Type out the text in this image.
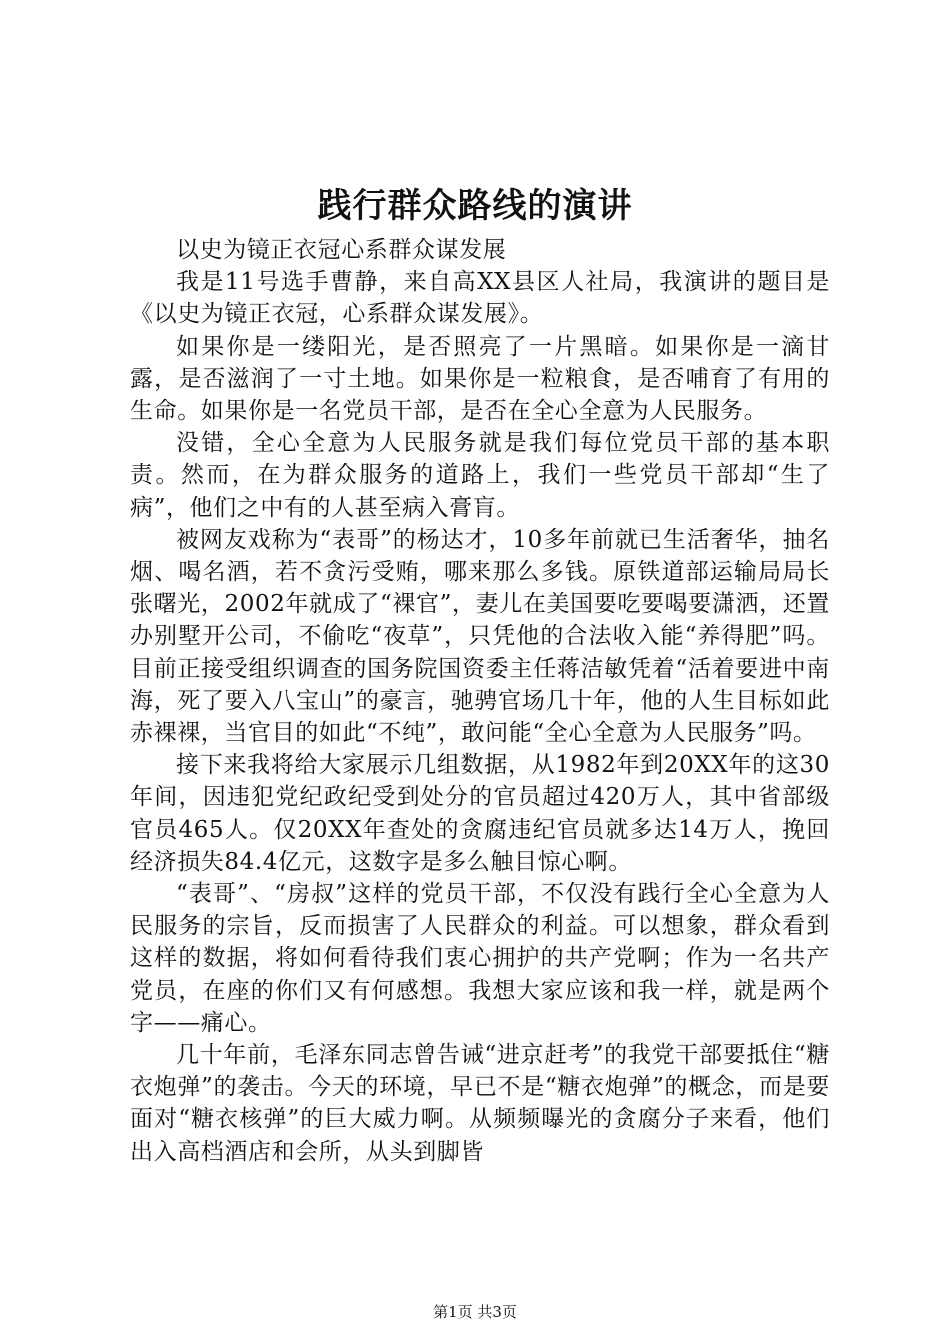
践行群众路线的演讲

以史为镜正衣冠心系群众谋发展

我是11号选手曹静，来自高XX县区人社局，我演讲的题目是《以史为镜正衣冠，心系群众谋发展》。

如果你是一缕阳光，是否照亮了一片黑暗。如果你是一滴甘露，是否滋润了一寸土地。如果你是一粒粮食，是否哺育了有用的生命。如果你是一名党员干部，是否在全心全意为人民服务。

没错，全心全意为人民服务就是我们每位党员干部的基本职责。然而，在为群众服务的道路上，我们一些党员干部却“生了病”，他们之中有的人甚至病入膏肓。

被网友戏称为“表哥”的杨达才，10多年前就已生活奢华，抽名烟、喝名酒，若不贪污受贿，哪来那么多钱。原铁道部运输局局长张曙光，2002年就成了“裸官”，妻儿在美国要吃要喝要潇洒，还置办别墅开公司，不偷吃“夜草”，只凭他的合法收入能“养得肥”吗。目前正接受组织调查的国务院国资委主任蒋洁敏凭着“活着要进中南海，死了要入八宝山”的豪言，驰骋官场几十年，他的人生目标如此赤裸裸，当官目的如此“不纯”，敢问能“全心全意为人民服务”吗。

接下来我将给大家展示几组数据，从1982年到20XX年的这30年间，因违犯党纪政纪受到处分的官员超过420万人，其中省部级官员465人。仅20XX年查处的贪腐违纪官员就多达14万人，挽回经济损失84.4亿元，这数字是多么触目惊心啊。

“表哥”、“房叔”这样的党员干部，不仅没有践行全心全意为人民服务的宗旨，反而损害了人民群众的利益。可以想象，群众看到这样的数据，将如何看待我们衷心拥护的共产党啊；作为一名共产党员，在座的你们又有何感想。我想大家应该和我一样，就是两个字——痛心。

几十年前，毛泽东同志曾告诫“进京赶考”的我党干部要抵住“糖衣炮弹”的袭击。今天的环境，早已不是“糖衣炮弹”的概念，而是要面对“糖衣核弹”的巨大威力啊。从频频曝光的贪腐分子来看，他们出入高档酒店和会所，从头到脚皆

第1页 共3页
